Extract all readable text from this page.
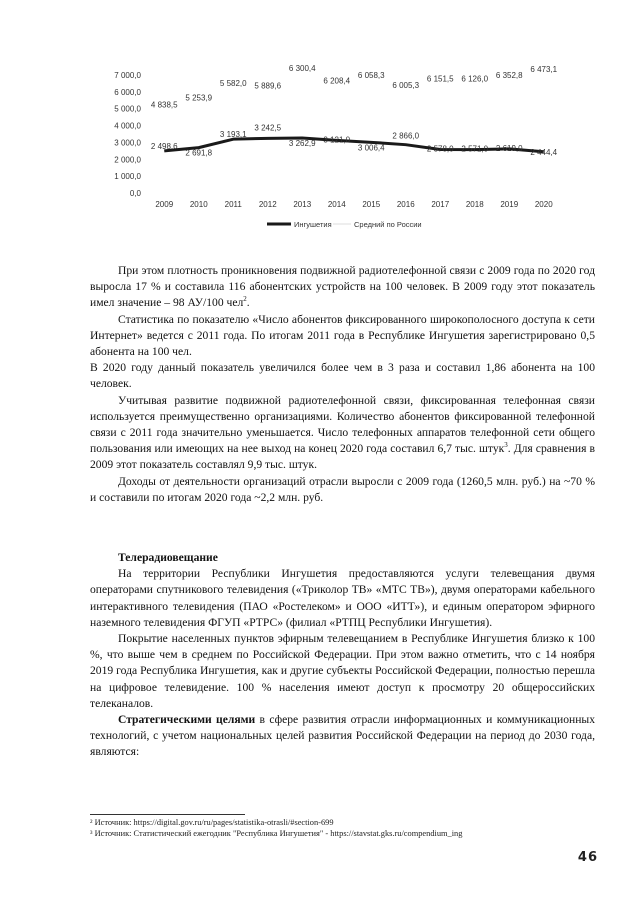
0,0
1 000,0
2 000,0
3 000,0
4 000,0
5 000,0
6 000,0
7 000,0
2009 2010 2011 2012 2013 2014 2015 2016 2017 2018 2019 2020
4 838,5
5 253,9
5 582,0 5 889,6
6 300,4
6 208,4
6 058,3
6 005,3
6 151,5 6 126,0 6 352,8
6 473,1
2 498,6
2 691,8
3 193,1
3 242,5
3 262,9 3 121,0
3 006,4
2 866,0
2 578,0 2 571,0 2 619,0 2 444,4
Ингушетия	Средний по России

При этом плотность проникновения подвижной радиотелефонной связи с 2009 года по 2020 год выросла 17 % и составила 116 абонентских устройств на 100 человек. В 2009 году этот показатель имел значение – 98 АУ/100 чел$^2$.

Статистика по показателю «Число абонентов фиксированного широкополосного доступа к сети Интернет» ведется с 2011 года. По итогам 2011 года в Республике Ингушетия зарегистрировано 0,5 абонента на 100 чел.

В 2020 году данный показатель увеличился более чем в 3 раза и составил 1,86 абонента на 100 человек.

Учитывая развитие подвижной радиотелефонной связи, фиксированная телефонная связи используется преимущественно организациями. Количество абонентов фиксированной телефонной связи с 2011 года значительно уменьшается. Число телефонных аппаратов телефонной сети общего пользования или имеющих на нее выход на конец 2020 года составил 6,7 тыс. штук$^3$. Для сравнения в 2009 этот показатель составлял 9,9 тыс. штук.

Доходы от деятельности организаций отрасли выросли с 2009 года (1260,5 млн. руб.) на ~70 % и составили по итогам 2020 года ~2,2 млн. руб.

Телерадиовещание

На территории Республики Ингушетия предоставляются услуги телевещания двумя операторами спутникового телевидения («Триколор ТВ» «МТС ТВ»), двумя операторами кабельного интерактивного телевидения (ПАО «Ростелеком» и ООО «ИТТ»), и единым оператором эфирного наземного телевидения ФГУП «РТРС» (филиал «РТПЦ Республики Ингушетия).

Покрытие населенных пунктов эфирным телевещанием в Республике Ингушетия близко к 100 %, что выше чем в среднем по Российской Федерации. При этом важно отметить, что с 14 ноября 2019 года Республика Ингушетия, как и другие субъекты Российской Федерации, полностью перешла на цифровое телевидение. 100 % населения имеют доступ к просмотру 20 общероссийских телеканалов.

Стратегическими целями в сфере развития отрасли информационных и коммуникационных технологий, с учетом национальных целей развития Российской Федерации на период до 2030 года, являются:

² Источник: https://digital.gov.ru/ru/pages/statistika-otrasli/#section-699
³ Источник: Статистический ежегодник "Республика Ингушетия" - https://stavstat.gks.ru/compendium_ing
46
